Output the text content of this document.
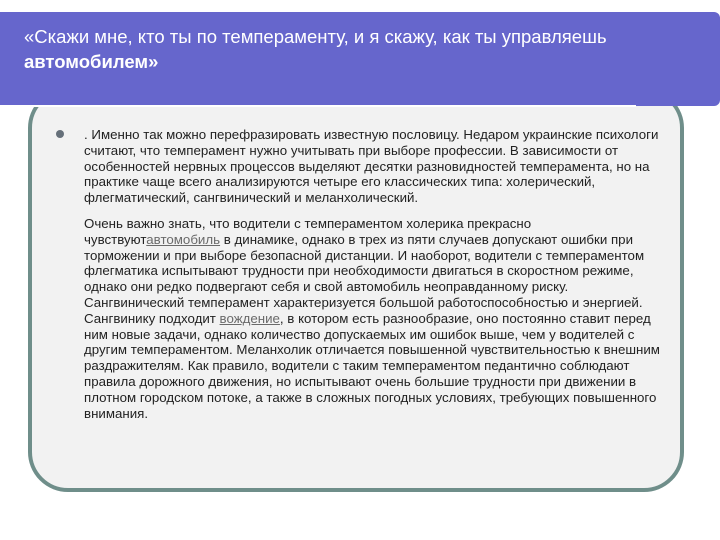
«Скажи мне, кто ты по темпераменту, и я скажу, как ты управляешь автомобилем»

. Именно так можно перефразировать известную пословицу. Недаром украинские психологи считают, что темперамент нужно учитывать при выборе профессии. В зависимости от особенностей нервных процессов выделяют десятки разновидностей темперамента, но на практике чаще всего анализируются четыре его классических типа: холерический, флегматический, сангвинический и меланхолический.

Очень важно знать, что водители с темпераментом холерика прекрасно чувствуютавтомобиль в динамике, однако в трех из пяти случаев допускают ошибки при торможении и при выборе безопасной дистанции. И наоборот, водители с темпераментом флегматика испытывают трудности при необходимости двигаться в скоростном режиме, однако они редко подвергают себя и свой автомобиль неоправданному риску. Сангвинический темперамент характеризуется большой работоспособностью и энергией. Сангвинику подходит вождение, в котором есть разнообразие, оно постоянно ставит перед ним новые задачи, однако количество допускаемых им ошибок выше, чем у водителей с другим темпераментом. Меланхолик отличается повышенной чувствительностью к внешним раздражителям. Как правило, водители с таким темпераментом педантично соблюдают правила дорожного движения, но испытывают очень большие трудности при движении в плотном городском потоке, а также в сложных погодных условиях, требующих повышенного внимания.
